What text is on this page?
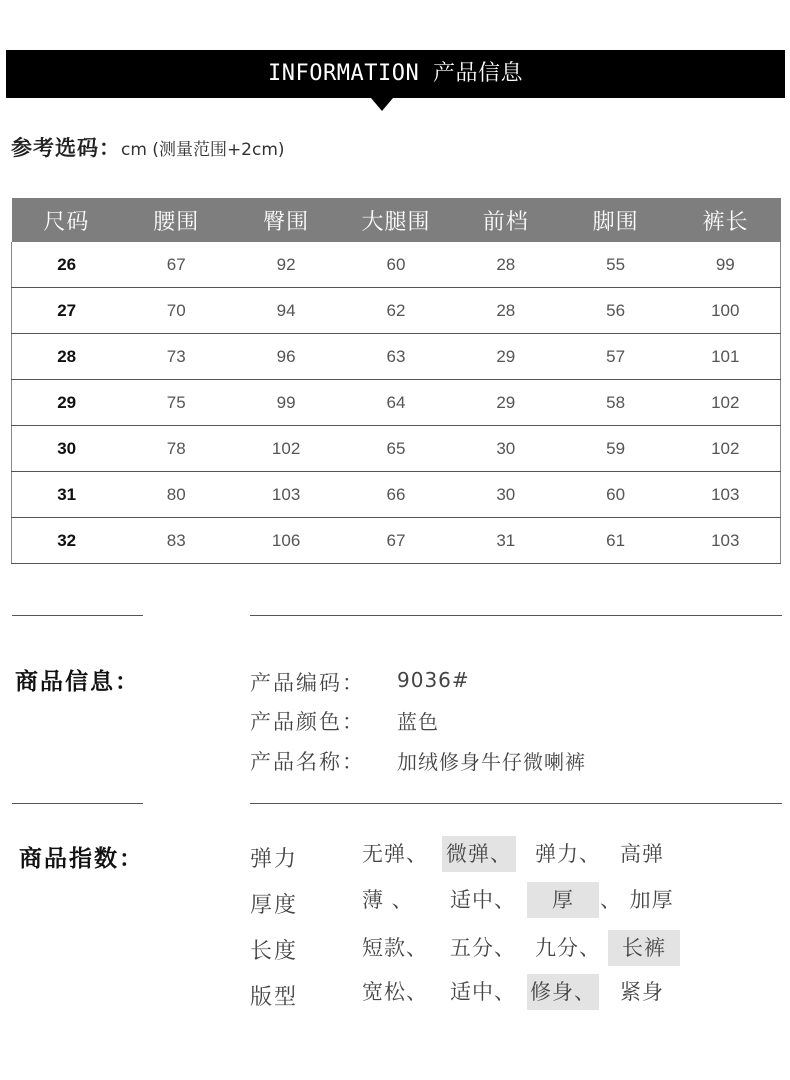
INFORMATION 产品信息
参考选码：cm (测量范围+2cm)
尺码	腰围	臀围	大腿围	前档	脚围	裤长
26	67	92	60	28	55	99
27	70	94	62	28	56	100
28	73	96	63	29	57	101
29	75	99	64	29	58	102
30	78	102	65	30	59	102
31	80	103	66	30	60	103
32	83	106	67	31	61	103
商品信息：	产品编码： 9036#
产品颜色： 蓝色
产品名称： 加绒修身牛仔微喇裤
商品指数：	弹力	无弹、 微弹、 弹力、 高弹
厚度	薄 、 适中、	厚	、 加厚
长度	短款、 五分、 九分、	长裤
版型	宽松、 适中、 修身、 紧身
